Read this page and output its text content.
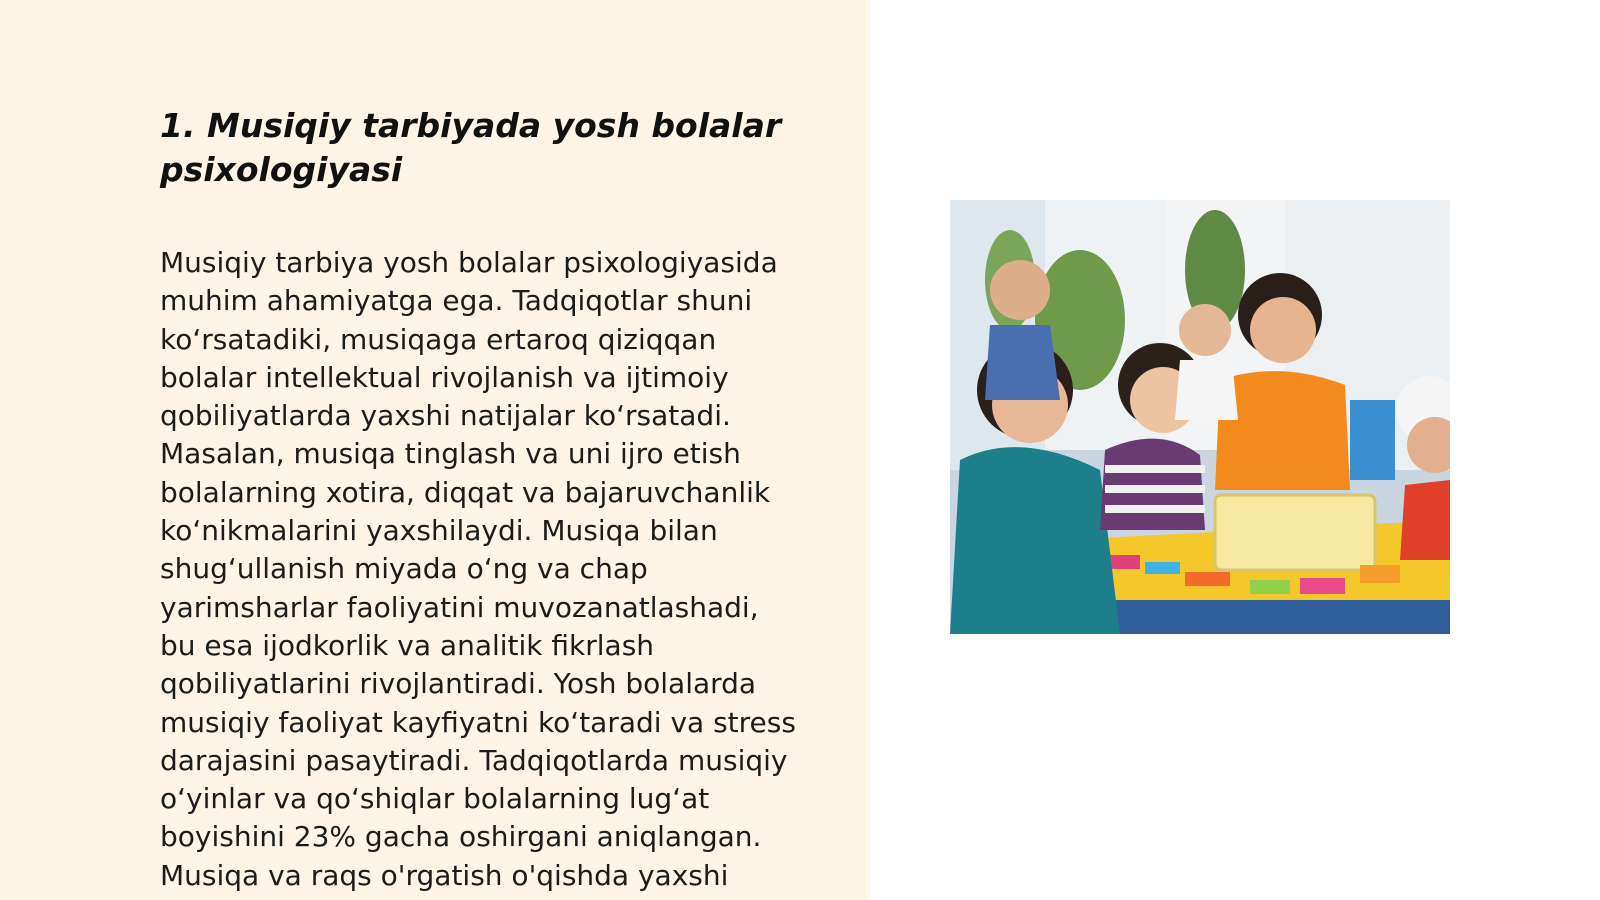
1. Musiqiy tarbiyada yosh bolalar psixologiyasi
Musiqiy tarbiya yosh bolalar psixologiyasida
muhim ahamiyatga ega. Tadqiqotlar shuni
ko‘rsatadiki, musiqaga ertaroq qiziqqan
bolalar intellektual rivojlanish va ijtimoiy
qobiliyatlarda yaxshi natijalar ko‘rsatadi.
Masalan, musiqa tinglash va uni ijro etish
bolalarning xotira, diqqat va bajaruvchanlik
ko‘nikmalarini yaxshilaydi. Musiqa bilan
shug‘ullanish miyada o‘ng va chap
yarimsharlar faoliyatini muvozanatlashadi,
bu esa ijodkorlik va analitik fikrlash
qobiliyatlarini rivojlantiradi. Yosh bolalarda
musiqiy faoliyat kayfiyatni ko‘taradi va stress
darajasini pasaytiradi. Tadqiqotlarda musiqiy
o‘yinlar va qo‘shiqlar bolalarning lug‘at
boyishini 23% gacha oshirgani aniqlangan.
Musiqa va raqs o'rgatish o'qishda yaxshi
